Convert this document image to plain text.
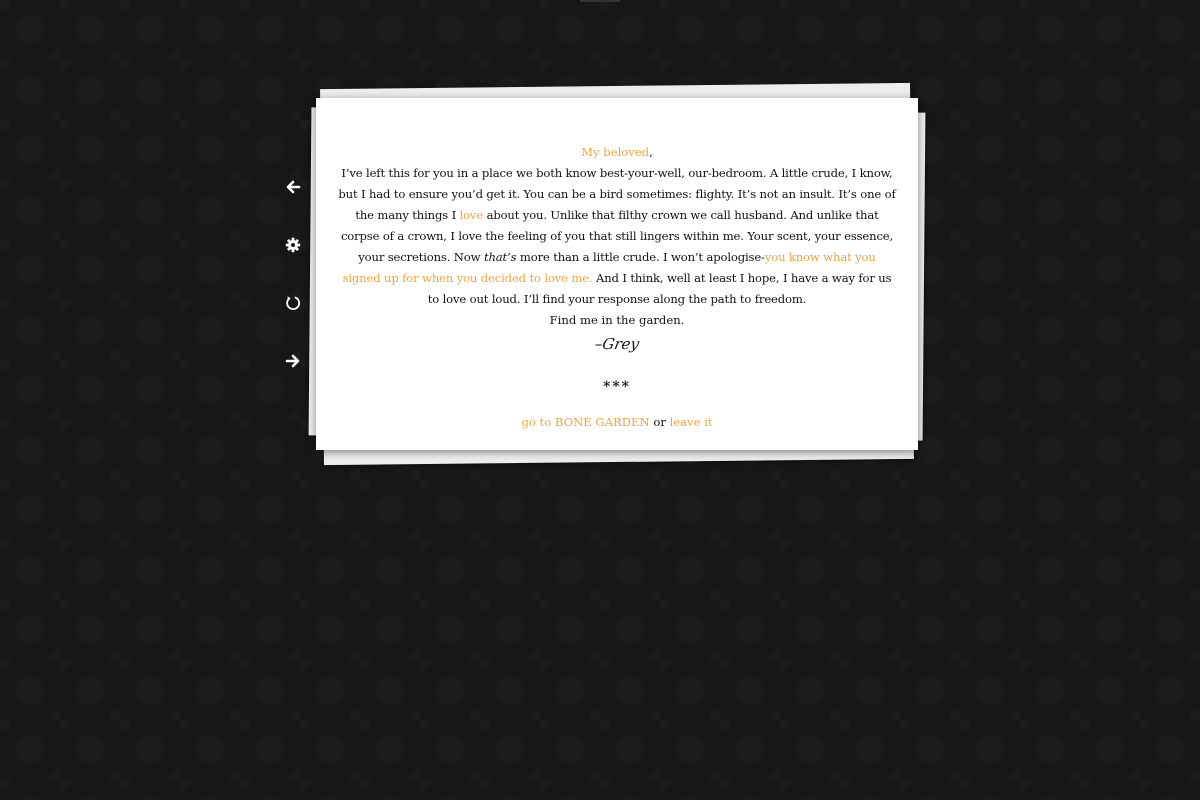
My beloved,

I’ve left this for you in a place we both know best-your-well, our-bedroom. A little crude, I know, but I had to ensure you’d get it. You can be a bird sometimes: flighty. It’s not an insult. It’s one of the many things I love about you. Unlike that filthy crown we call husband. And unlike that corpse of a crown, I love the feeling of you that still lingers within me. Your scent, your essence, your secretions. Now that’s more than a little crude. I won’t apologise-you know what you signed up for when you decided to love me. And I think, well at least I hope, I have a way for us to love out loud. I’ll find your response along the path to freedom.

Find me in the garden.

–Grey

***

go to BONE GARDEN or leave it
